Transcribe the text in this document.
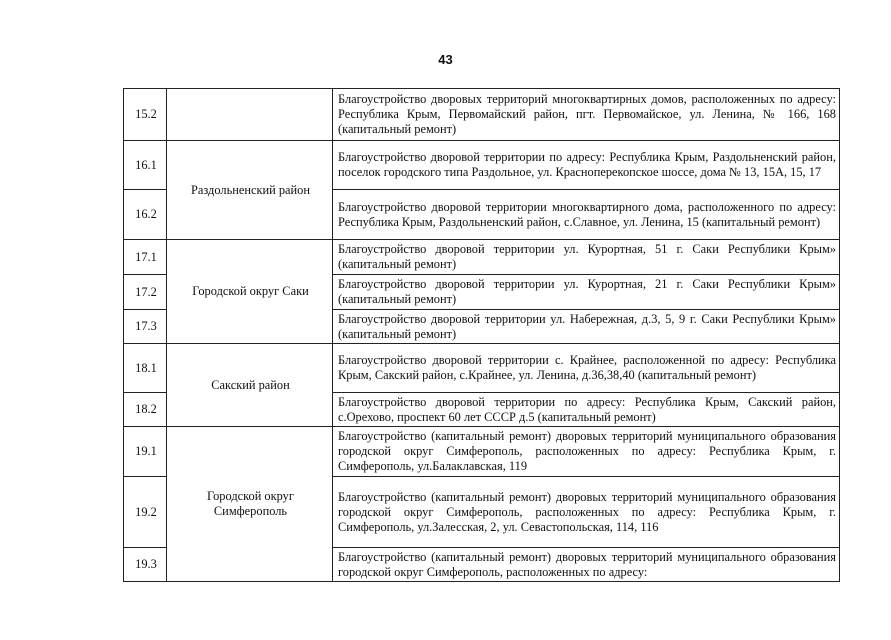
43
15.2		Благоустройство дворовых территорий многоквартирных домов, расположенных по адресу: Республика Крым, Первомайский район, пгт. Первомайское, ул. Ленина, № 166, 168 (капитальный ремонт)
16.1	Раздольненский район	Благоустройство дворовой территории по адресу: Республика Крым, Раздольненский район, поселок городского типа Раздольное, ул. Красноперекопское шоссе, дома № 13, 15А, 15, 17
16.2		Благоустройство дворовой территории многоквартирного дома, расположенного по адресу: Республика Крым, Раздольненский район, с.Славное, ул. Ленина, 15 (капитальный ремонт)
17.1	Городской округ Саки	Благоустройство дворовой территории ул. Курортная, 51 г. Саки Республики Крым» (капитальный ремонт)
17.2		Благоустройство дворовой территории ул. Курортная, 21 г. Саки Республики Крым» (капитальный ремонт)
17.3		Благоустройство дворовой территории ул. Набережная, д.3, 5, 9 г. Саки Республики Крым» (капитальный ремонт)
18.1	Сакский район	Благоустройство дворовой территории с. Крайнее, расположенной по адресу: Республика Крым, Сакский район, с.Крайнее, ул. Ленина, д.36,38,40 (капитальный ремонт)
18.2		Благоустройство дворовой территории по адресу: Республика Крым, Сакский район, с.Орехово, проспект 60 лет СССР д.5 (капитальный ремонт)
19.1	Городской округ Симферополь	Благоустройство (капитальный ремонт) дворовых территорий муниципального образования городской округ Симферополь, расположенных по адресу: Республика Крым, г. Симферополь, ул.Балаклавская, 119
19.2		Благоустройство (капитальный ремонт) дворовых территорий муниципального образования городской округ Симферополь, расположенных по адресу: Республика Крым, г. Симферополь, ул.Залесская, 2, ул. Севастопольская, 114, 116
19.3		Благоустройство (капитальный ремонт) дворовых территорий муниципального образования городской округ Симферополь, расположенных по адресу:
